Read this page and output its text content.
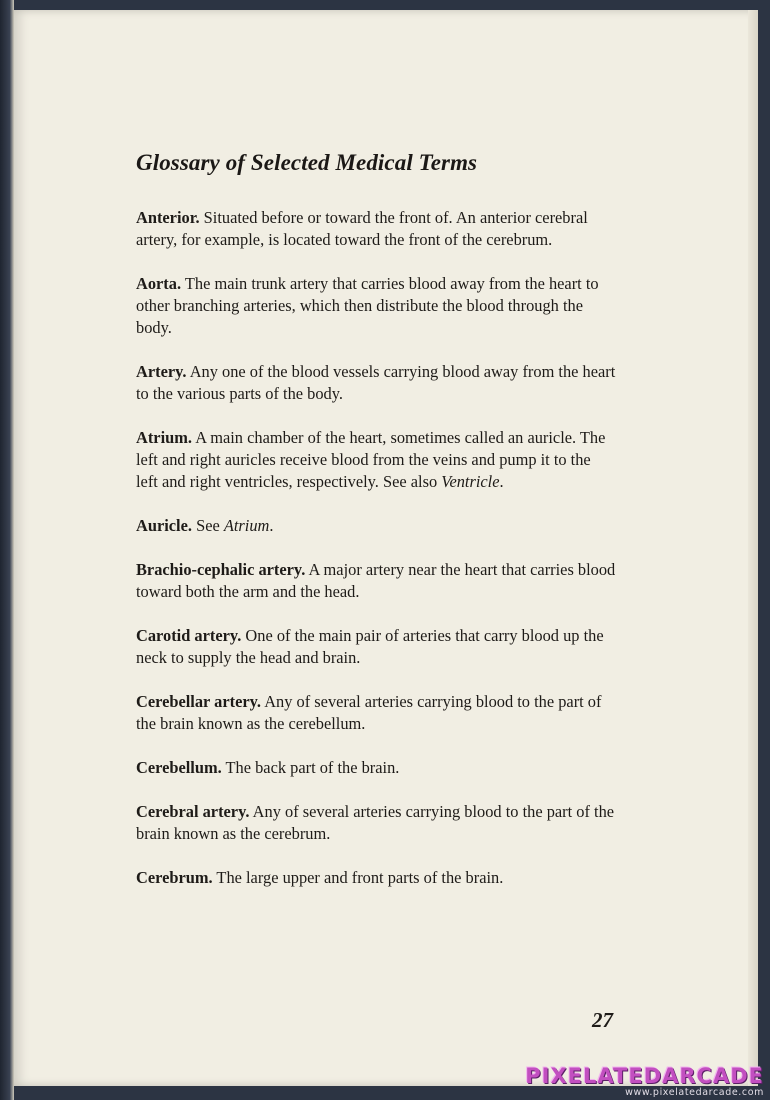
Glossary of Selected Medical Terms

Anterior. Situated before or toward the front of. An anterior cerebral artery, for example, is located toward the front of the cerebrum.

Aorta. The main trunk artery that carries blood away from the heart to other branching arteries, which then distribute the blood through the body.

Artery. Any one of the blood vessels carrying blood away from the heart to the various parts of the body.

Atrium. A main chamber of the heart, sometimes called an auricle. The left and right auricles receive blood from the veins and pump it to the left and right ventricles, respectively. See also Ventricle.

Auricle. See Atrium.

Brachio-cephalic artery. A major artery near the heart that carries blood toward both the arm and the head.

Carotid artery. One of the main pair of arteries that carry blood up the neck to supply the head and brain.

Cerebellar artery. Any of several arteries carrying blood to the part of the brain known as the cerebellum.

Cerebellum. The back part of the brain.

Cerebral artery. Any of several arteries carrying blood to the part of the brain known as the cerebrum.

Cerebrum. The large upper and front parts of the brain.

27
PIXELATEDARCADE
www.pixelatedarcade.com
